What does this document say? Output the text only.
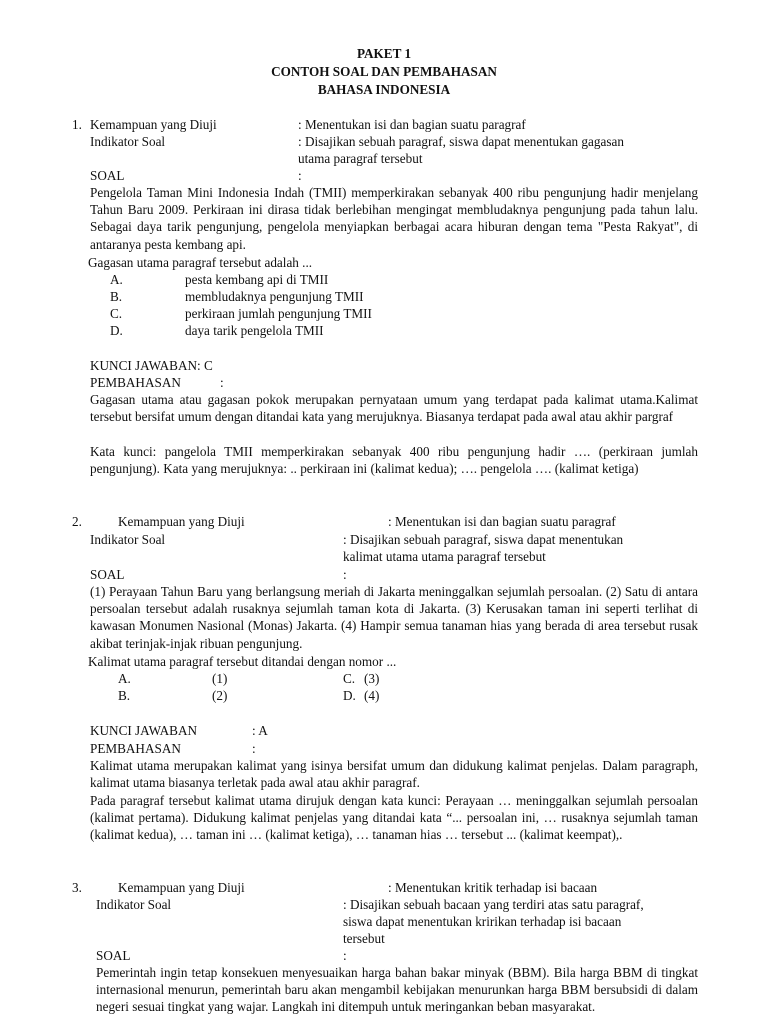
PAKET 1
CONTOH SOAL DAN PEMBAHASAN
BAHASA INDONESIA
1. Kemampuan yang Diuji	: Menentukan isi dan bagian suatu paragraf
Indikator Soal	: Disajikan sebuah paragraf, siswa dapat menentukan gagasan
utama paragraf tersebut
SOAL	:
Pengelola Taman Mini Indonesia Indah (TMII) memperkirakan sebanyak 400 ribu pengunjung hadir menjelang Tahun Baru 2009. Perkiraan ini dirasa tidak berlebihan mengingat membludaknya pengunjung pada tahun lalu. Sebagai daya tarik pengunjung, pengelola menyiapkan berbagai acara hiburan dengan tema "Pesta Rakyat", di antaranya pesta kembang api.
Gagasan utama paragraf tersebut adalah ...
A.	pesta kembang api di TMII
B.	membludaknya pengunjung TMII
C.	perkiraan jumlah pengunjung TMII
D.	daya tarik pengelola TMII
KUNCI JAWABAN: C
PEMBAHASAN	:
Gagasan utama atau gagasan pokok merupakan pernyataan umum yang terdapat pada kalimat utama.Kalimat tersebut bersifat umum dengan ditandai kata yang merujuknya. Biasanya terdapat pada awal atau akhir pargraf
Kata kunci: pangelola TMII memperkirakan sebanyak 400 ribu pengunjung hadir …. (perkiraan jumlah pengunjung). Kata yang merujuknya: .. perkiraan ini (kalimat kedua); …. pengelola …. (kalimat ketiga)
2.	Kemampuan yang Diuji	: Menentukan isi dan bagian suatu paragraf
Indikator Soal	: Disajikan sebuah paragraf, siswa dapat menentukan
kalimat utama utama paragraf tersebut
SOAL	:
(1) Perayaan Tahun Baru yang berlangsung meriah di Jakarta meninggalkan sejumlah persoalan. (2) Satu di antara persoalan tersebut adalah rusaknya sejumlah taman kota di Jakarta. (3) Kerusakan taman ini seperti terlihat di kawasan Monumen Nasional (Monas) Jakarta. (4) Hampir semua tanaman hias yang berada di area tersebut rusak akibat terinjak-injak ribuan pengunjung.
Kalimat utama paragraf tersebut ditandai dengan nomor ...
A.	(1)	C. (3)
B.	(2)	D. (4)
KUNCI JAWABAN	: A
PEMBAHASAN	:
Kalimat utama merupakan kalimat yang isinya bersifat umum dan didukung kalimat penjelas. Dalam paragraph, kalimat utama biasanya terletak pada awal atau akhir paragraf.
Pada paragraf tersebut kalimat utama dirujuk dengan kata kunci: Perayaan … meninggalkan sejumlah persoalan (kalimat pertama). Didukung kalimat penjelas yang ditandai kata “... persoalan ini, … rusaknya sejumlah taman (kalimat kedua), … taman ini … (kalimat ketiga), … tanaman hias … tersebut ... (kalimat keempat),.
3.	Kemampuan yang Diuji	: Menentukan kritik terhadap isi bacaan
Indikator Soal	: Disajikan sebuah bacaan yang terdiri atas satu paragraf,
siswa dapat menentukan kririkan terhadap isi bacaan
tersebut
SOAL	:
Pemerintah ingin tetap konsekuen menyesuaikan harga bahan bakar minyak (BBM). Bila harga BBM di tingkat internasional menurun, pemerintah baru akan mengambil kebijakan menurunkan harga BBM bersubsidi di dalam negeri sesuai tingkat yang wajar. Langkah ini ditempuh untuk meringankan beban masyarakat.
